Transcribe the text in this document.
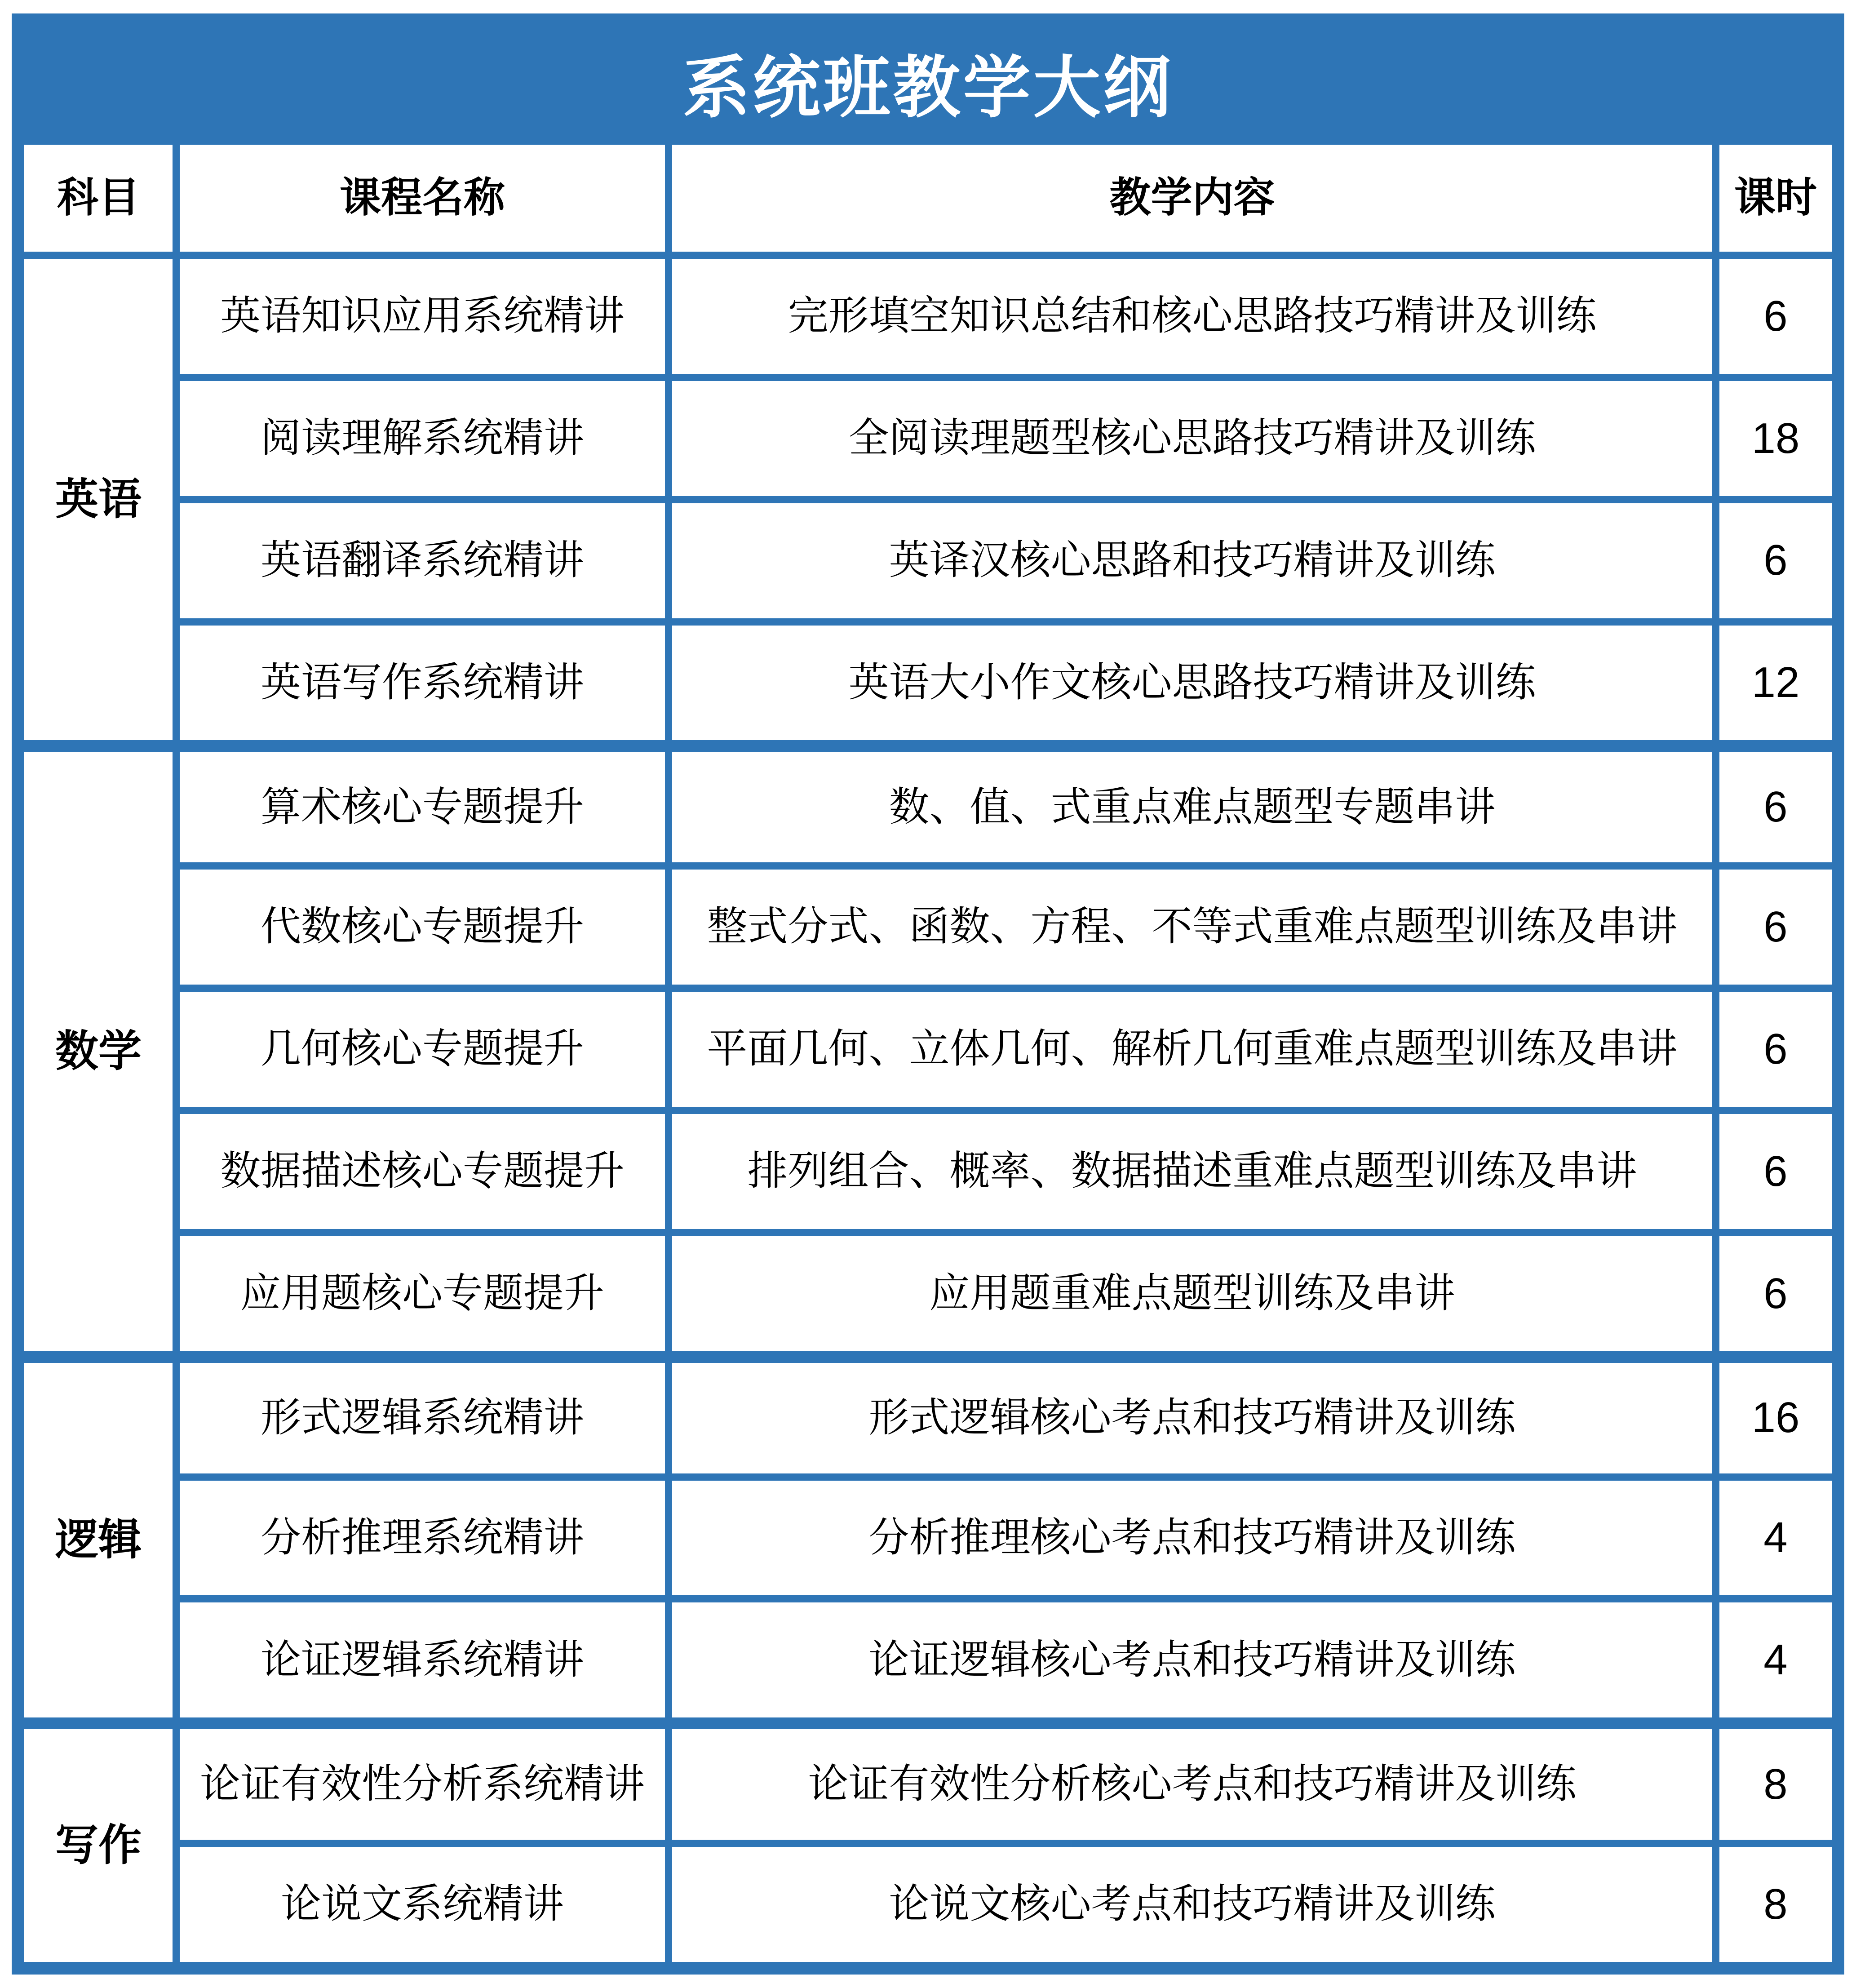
系统班教学大纲
科目	课程名称	教学内容	课时
英语
英语知识应用系统精讲	完形填空知识总结和核心思路技巧精讲及训练	6
阅读理解系统精讲	全阅读理题型核心思路技巧精讲及训练	18
英语翻译系统精讲	英译汉核心思路和技巧精讲及训练	6
英语写作系统精讲	英语大小作文核心思路技巧精讲及训练	12
数学
算术核心专题提升	数、值、式重点难点题型专题串讲	6
代数核心专题提升	整式分式、函数、方程、不等式重难点题型训练及串讲	6
几何核心专题提升	平面几何、立体几何、解析几何重难点题型训练及串讲	6
数据描述核心专题提升	排列组合、概率、数据描述重难点题型训练及串讲	6
应用题核心专题提升	应用题重难点题型训练及串讲	6
逻辑
形式逻辑系统精讲	形式逻辑核心考点和技巧精讲及训练	16
分析推理系统精讲	分析推理核心考点和技巧精讲及训练	4
论证逻辑系统精讲	论证逻辑核心考点和技巧精讲及训练	4
写作
论证有效性分析系统精讲	论证有效性分析核心考点和技巧精讲及训练	8
论说文系统精讲	论说文核心考点和技巧精讲及训练	8
